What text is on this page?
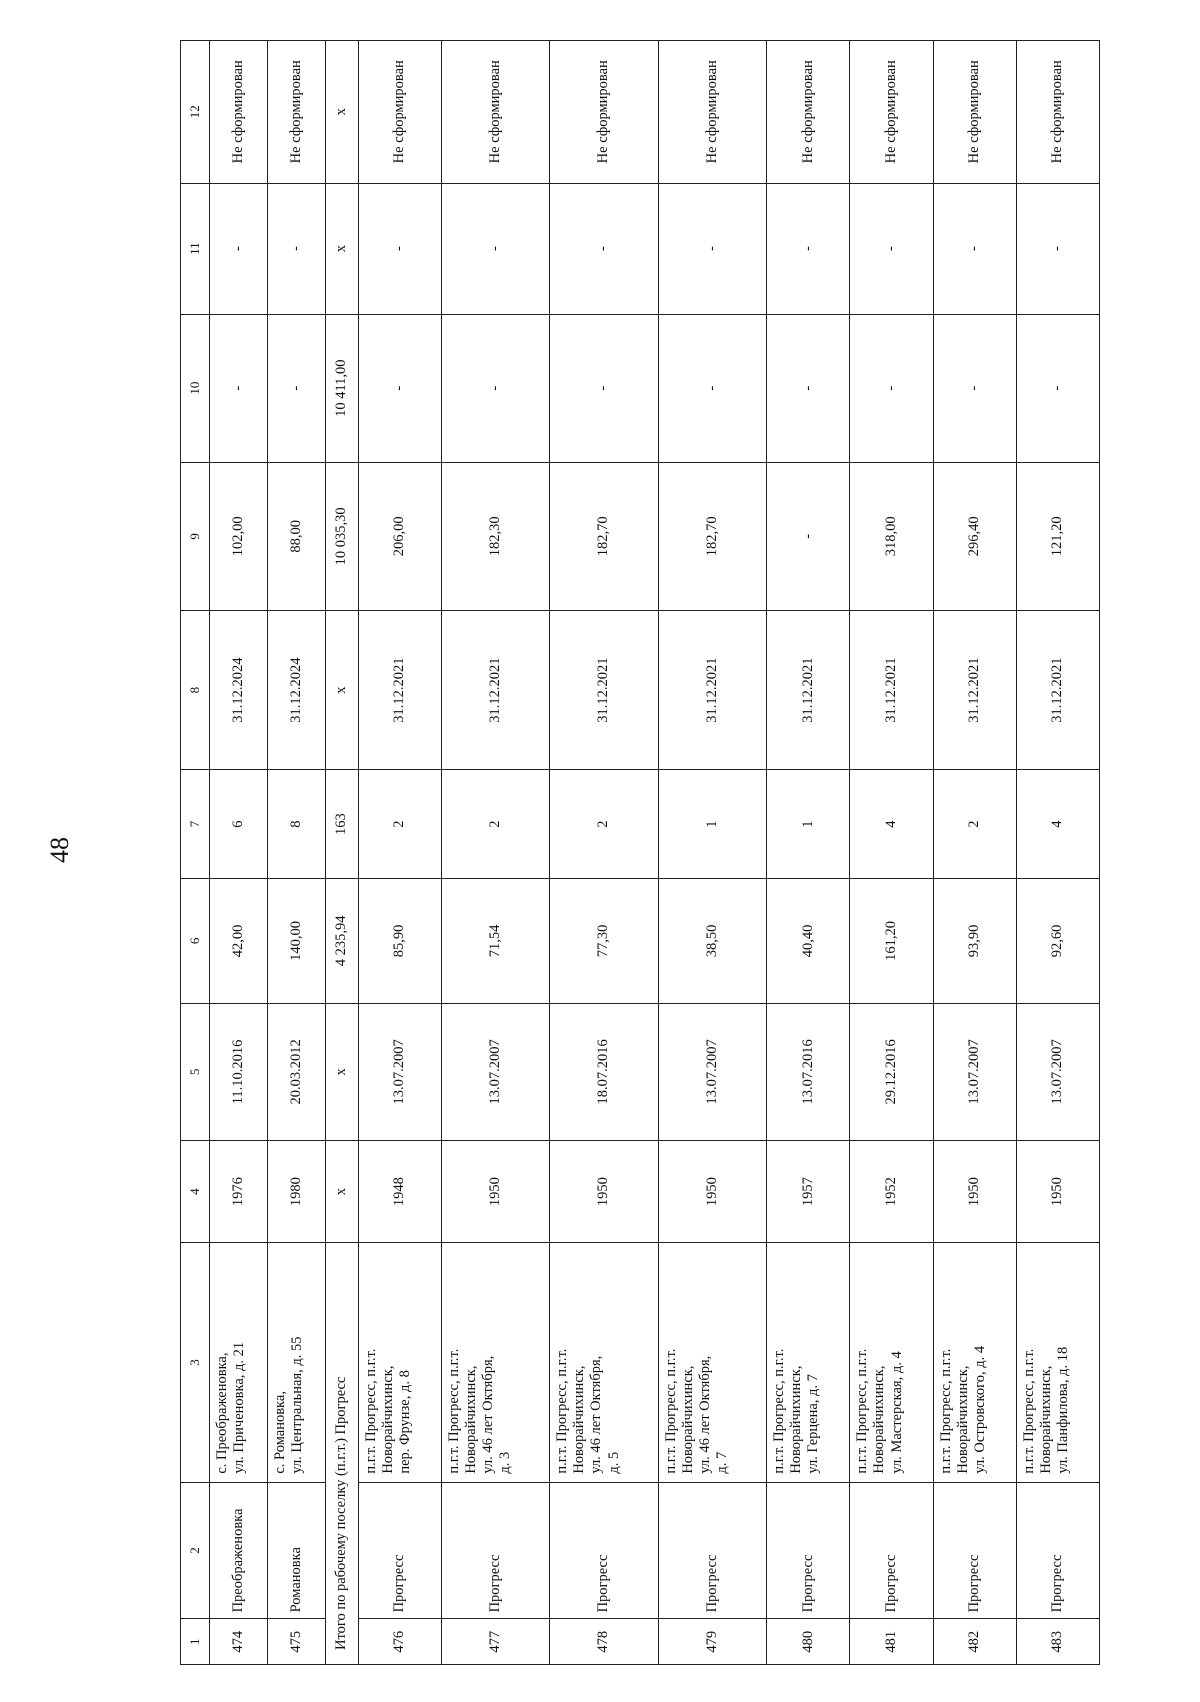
48
1	2	3	4	5	6	7	8	9	10	11	12
474	Преображеновка	с. Преображеновка, ул. Приченовка, д. 21	1976	11.10.2016	42,00	6	31.12.2024	102,00	-	-	Не сформирован
475	Романовка	с. Романовка, ул. Центральная, д. 55	1980	20.03.2012	140,00	8	31.12.2024	88,00	-	-	Не сформирован
Итого по рабочему поселку (п.г.т.) Прогресс			x	x	4 235,94	163	x	10 035,30	10 411,00	x	x
476	Прогресс	п.г.т. Прогресс, п.г.т. Новорайчихинск, пер. Фрунзе, д. 8	1948	13.07.2007	85,90	2	31.12.2021	206,00	-	-	Не сформирован
477	Прогресс	п.г.т. Прогресс, п.г.т. Новорайчихинск, ул. 46 лет Октября, д. 3	1950	13.07.2007	71,54	2	31.12.2021	182,30	-	-	Не сформирован
478	Прогресс	п.г.т. Прогресс, п.г.т. Новорайчихинск, ул. 46 лет Октября, д. 5	1950	18.07.2016	77,30	2	31.12.2021	182,70	-	-	Не сформирован
479	Прогресс	п.г.т. Прогресс, п.г.т. Новорайчихинск, ул. 46 лет Октября, д. 7	1950	13.07.2007	38,50	1	31.12.2021	182,70	-	-	Не сформирован
480	Прогресс	п.г.т. Прогресс, п.г.т. Новорайчихинск, ул. Герцена, д. 7	1957	13.07.2016	40,40	1	31.12.2021	-	-	-	Не сформирован
481	Прогресс	п.г.т. Прогресс, п.г.т. Новорайчихинск, ул. Мастерская, д. 4	1952	29.12.2016	161,20	4	31.12.2021	318,00	-	-	Не сформирован
482	Прогресс	п.г.т. Прогресс, п.г.т. Новорайчихинск, ул. Островского, д. 4	1950	13.07.2007	93,90	2	31.12.2021	296,40	-	-	Не сформирован
483	Прогресс	п.г.т. Прогресс, п.г.т. Новорайчихинск, ул. Панфилова, д. 18	1950	13.07.2007	92,60	4	31.12.2021	121,20	-	-	Не сформирован
